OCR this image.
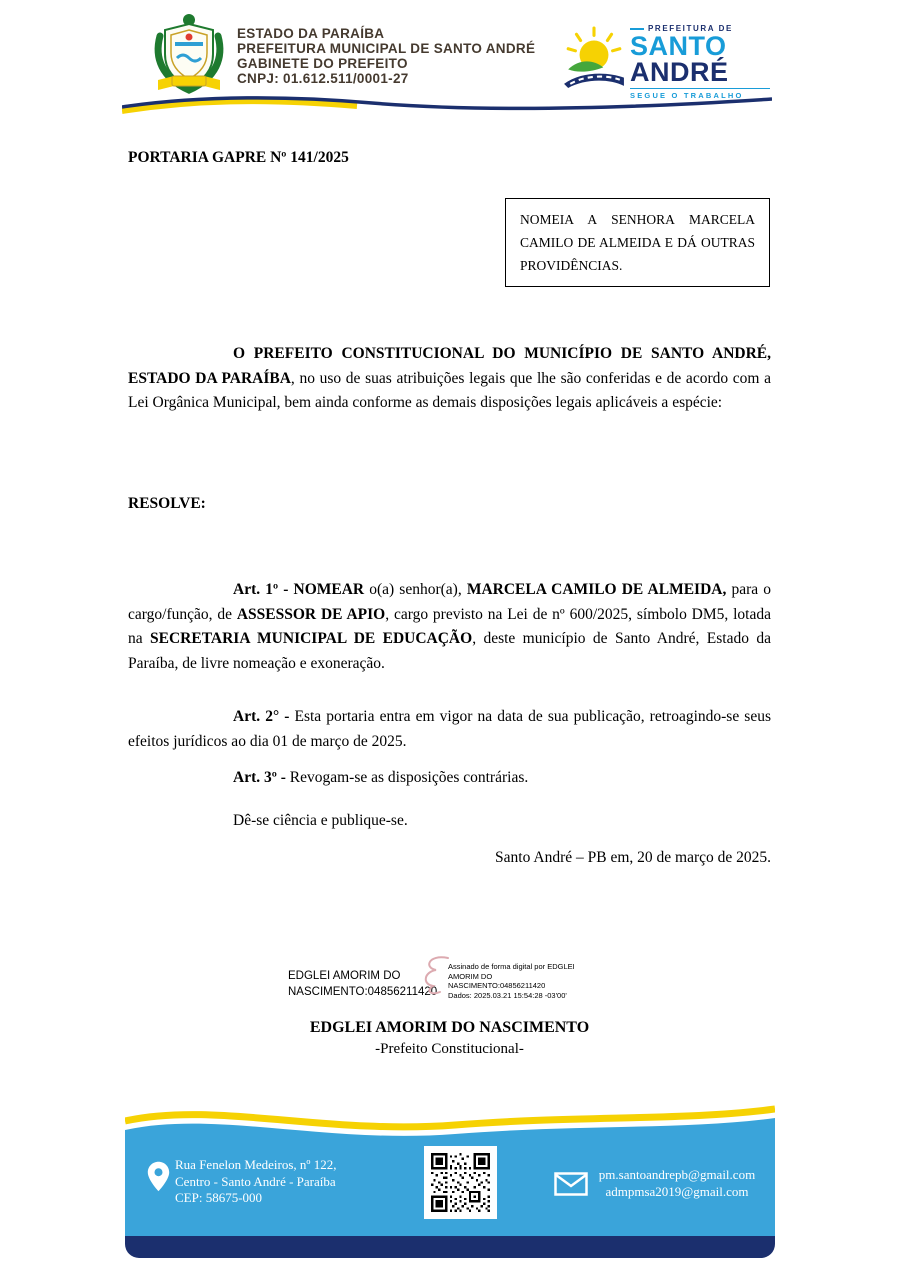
ESTADO DA PARAÍBA
PREFEITURA MUNICIPAL DE SANTO ANDRÉ
GABINETE DO PREFEITO
CNPJ: 01.612.511/0001-27
PREFEITURA DE
SANTO
ANDRÉ
SEGUE O TRABALHO
PORTARIA GAPRE Nº 141/2025
NOMEIA A SENHORA MARCELA CAMILO DE ALMEIDA E DÁ OUTRAS PROVIDÊNCIAS.

O PREFEITO CONSTITUCIONAL DO MUNICÍPIO DE SANTO ANDRÉ, ESTADO DA PARAÍBA, no uso de suas atribuições legais que lhe são conferidas e de acordo com a Lei Orgânica Municipal, bem ainda conforme as demais disposições legais aplicáveis a espécie:

RESOLVE:

Art. 1º - NOMEAR o(a) senhor(a), MARCELA CAMILO DE ALMEIDA, para o cargo/função, de ASSESSOR DE APIO, cargo previsto na Lei de nº 600/2025, símbolo DM5, lotada na SECRETARIA MUNICIPAL DE EDUCAÇÃO, deste município de Santo André, Estado da Paraíba, de livre nomeação e exoneração.

Art. 2° - Esta portaria entra em vigor na data de sua publicação, retroagindo-se seus efeitos jurídicos ao dia 01 de março de 2025.

Art. 3º - Revogam-se as disposições contrárias.

Dê-se ciência e publique-se.

Santo André – PB em, 20 de março de 2025.
EDGLEI AMORIM DO
NASCIMENTO:04856211420
Assinado de forma digital por EDGLEI
AMORIM DO
NASCIMENTO:04856211420
Dados: 2025.03.21 15:54:28 -03'00'
EDGLEI AMORIM DO NASCIMENTO
-Prefeito Constitucional-
Rua Fenelon Medeiros, nº 122,
Centro - Santo André - Paraíba
CEP: 58675-000
pm.santoandrepb@gmail.com
admpmsa2019@gmail.com
